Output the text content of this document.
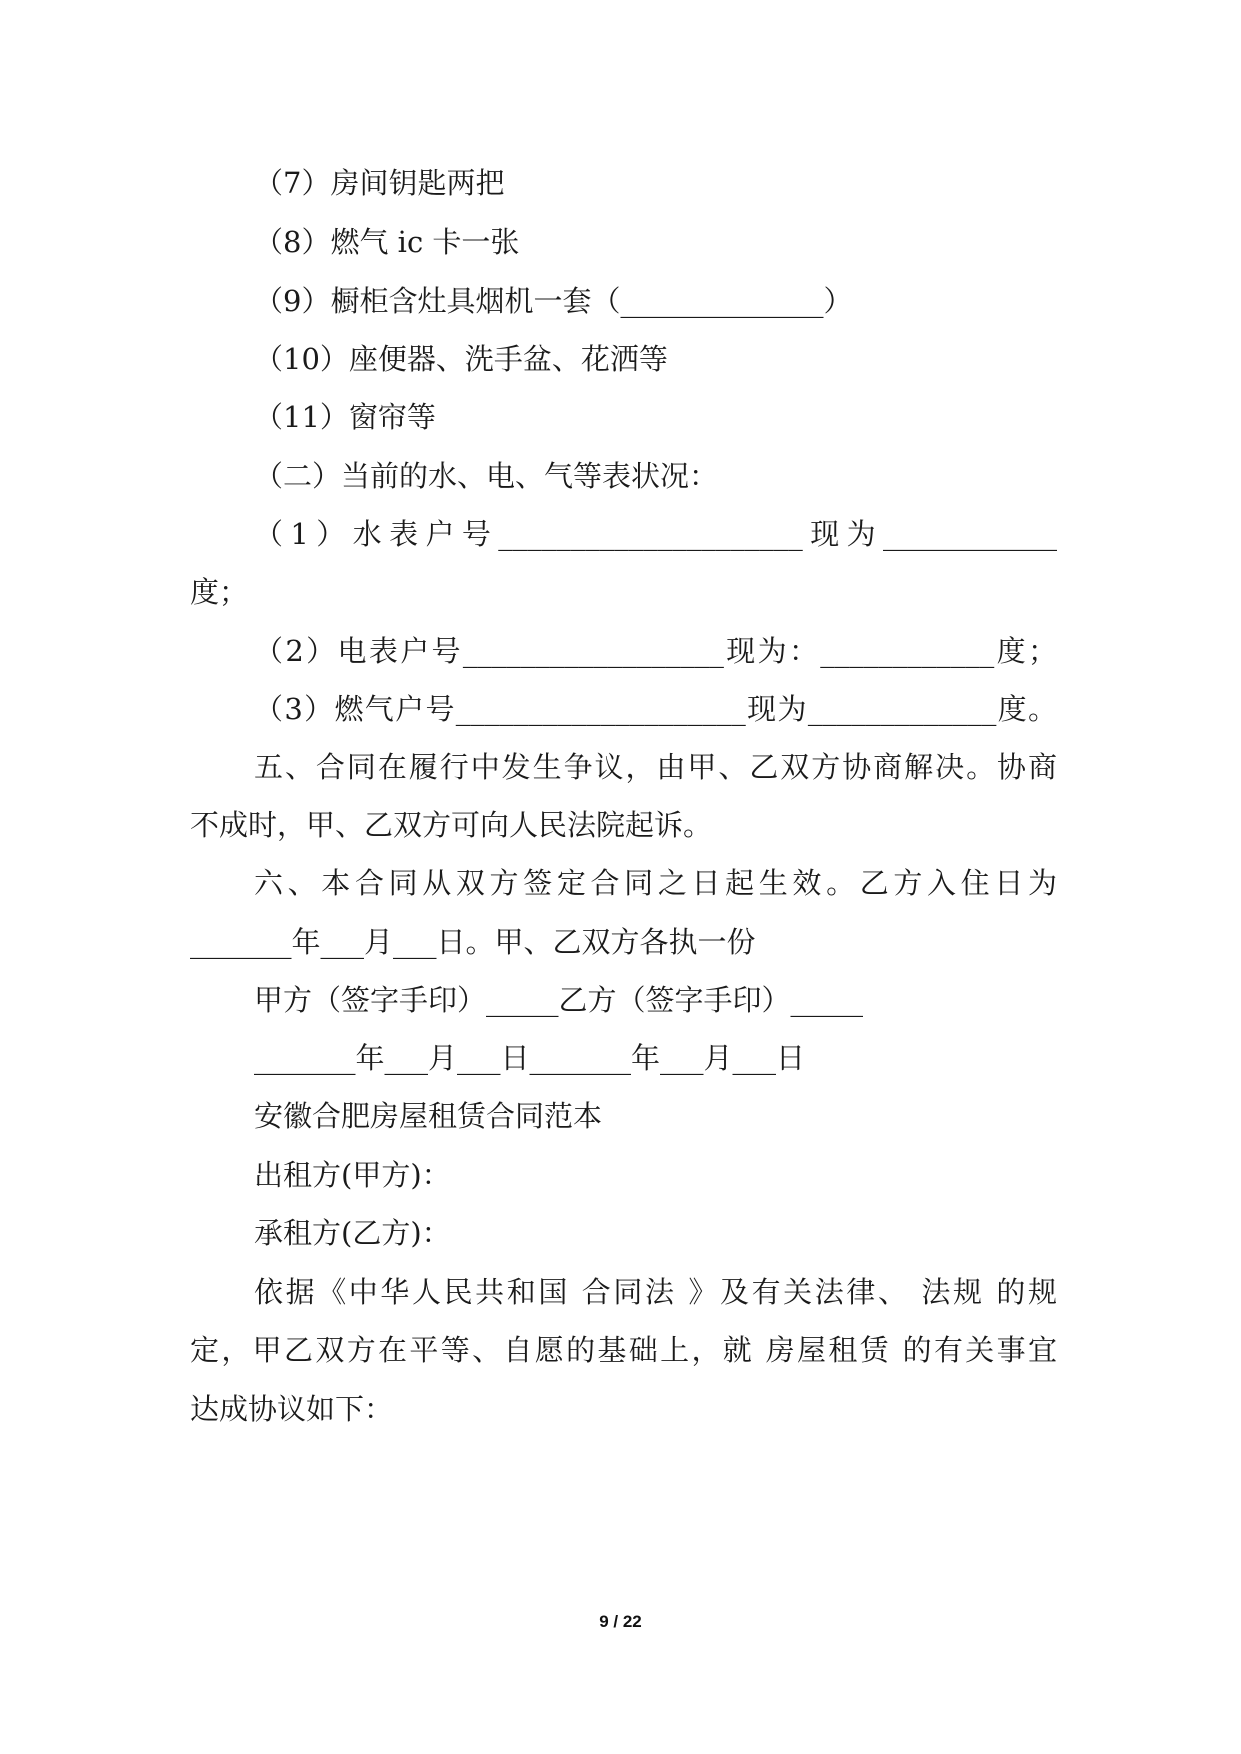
（7）房间钥匙两把
（8）燃气 ic 卡一张
（9）橱柜含灶具烟机一套（______________）
（10）座便器、洗手盆、花洒等
（11）窗帘等
（二）当前的水、电、气等表状况：
（1）水表户号_____________________现为____________
度；
（2）电表户号__________________现为：____________度；
（3）燃气户号____________________现为_____________度。
五、合同在履行中发生争议，由甲、乙双方协商解决。协商
不成时，甲、乙双方可向人民法院起诉。
六、本合同从双方签定合同之日起生效。乙方入住日为
_______年___月___日。甲、乙双方各执一份
甲方（签字手印）_____乙方（签字手印）_____
_______年___月___日_______年___月___日
安徽合肥房屋租赁合同范本
出租方(甲方)：
承租方(乙方)：
依据《中华人民共和国 合同法 》及有关法律、 法规 的规
定，甲乙双方在平等、自愿的基础上，就 房屋租赁 的有关事宜
达成协议如下：
9 / 22
